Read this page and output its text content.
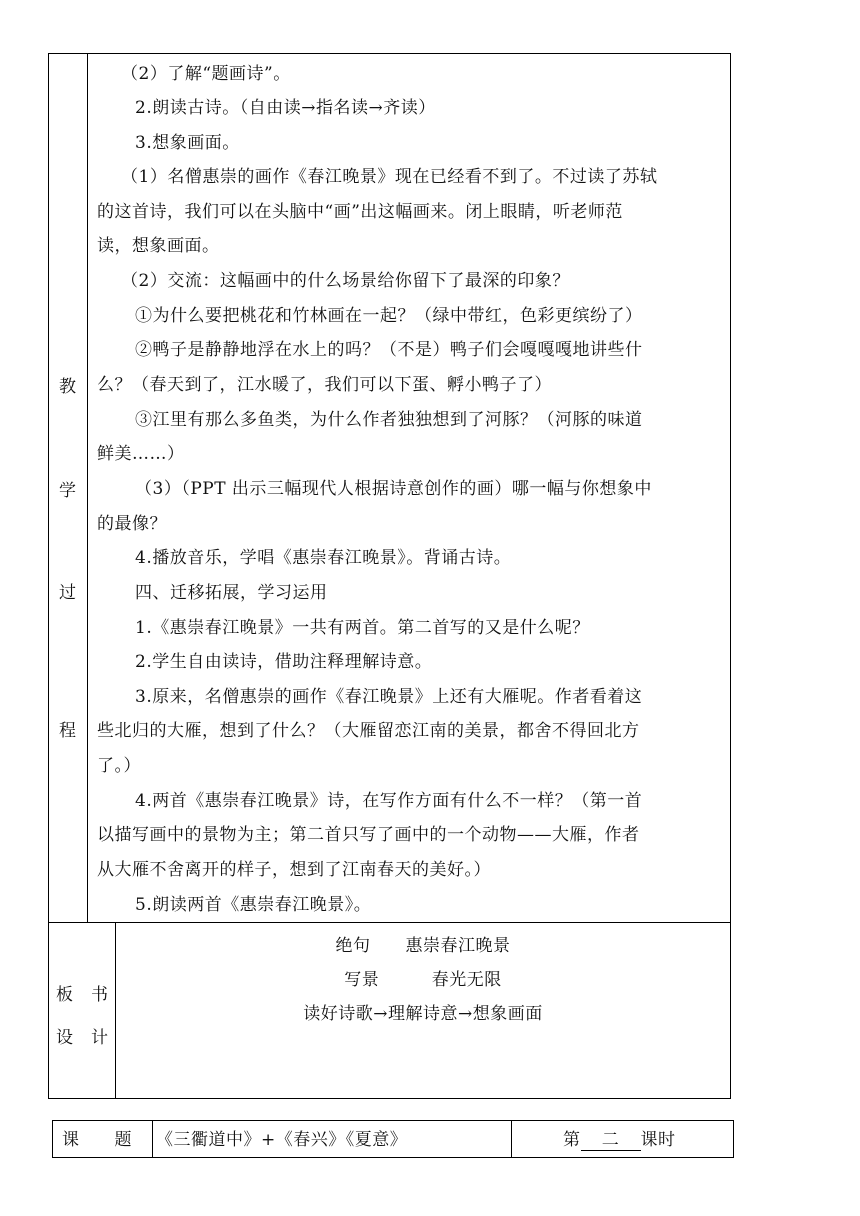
教
学
过
程
（2）了解“题画诗”。
2.朗读古诗。（自由读→指名读→齐读）
3.想象画面。
（1）名僧惠崇的画作《春江晚景》现在已经看不到了。不过读了苏轼
的这首诗，我们可以在头脑中“画”出这幅画来。闭上眼睛，听老师范
读，想象画面。
（2）交流：这幅画中的什么场景给你留下了最深的印象？
①为什么要把桃花和竹林画在一起？（绿中带红，色彩更缤纷了）
②鸭子是静静地浮在水上的吗？（不是）鸭子们会嘎嘎嘎地讲些什
么？（春天到了，江水暖了，我们可以下蛋、孵小鸭子了）
③江里有那么多鱼类，为什么作者独独想到了河豚？（河豚的味道
鲜美……）
（3）（PPT 出示三幅现代人根据诗意创作的画）哪一幅与你想象中
的最像？
4.播放音乐，学唱《惠崇春江晚景》。背诵古诗。
四、迁移拓展，学习运用
1.《惠崇春江晚景》一共有两首。第二首写的又是什么呢？
2.学生自由读诗，借助注释理解诗意。
3.原来，名僧惠崇的画作《春江晚景》上还有大雁呢。作者看着这
些北归的大雁，想到了什么？（大雁留恋江南的美景，都舍不得回北方
了。）
4.两首《惠崇春江晚景》诗，在写作方面有什么不一样？（第一首
以描写画中的景物为主；第二首只写了画中的一个动物——大雁，作者
从大雁不舍离开的样子，想到了江南春天的美好。）
5.朗读两首《惠崇春江晚景》。
板　书
设　计
绝句　　惠崇春江晚景
写景　　　春光无限
读好诗歌→理解诗意→想象画面
课　　题 《三衢道中》+《春兴》《夏意》	第 二 课时
